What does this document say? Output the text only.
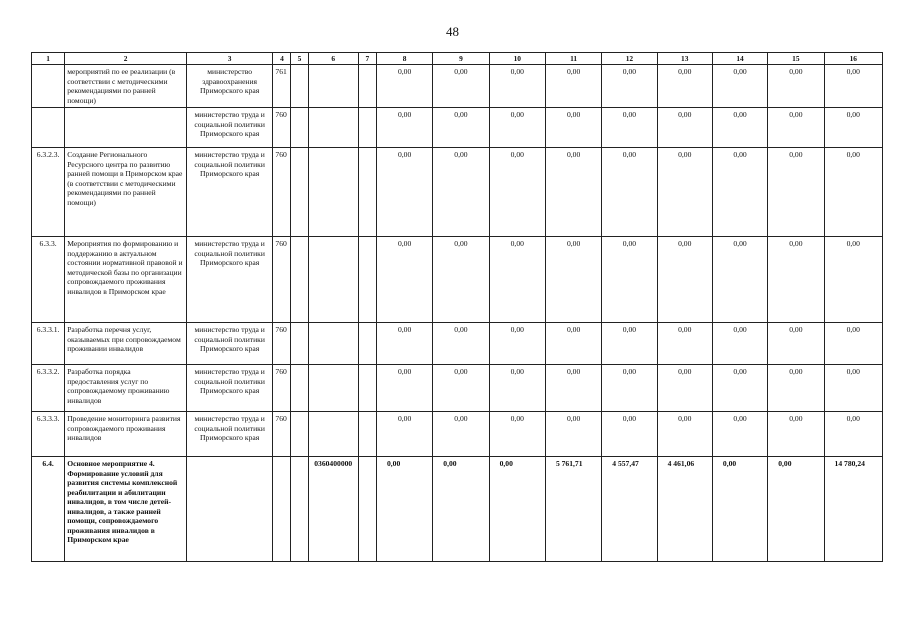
48
1	2	3	4	5	6	7	8	9	10	11	12	13	14	15	16
	мероприятий по ее реализации (в соответствии с методическими рекомендациями по ранней помощи)	министерство здравоохранения Приморского края	761				0,00	0,00	0,00	0,00	0,00	0,00	0,00	0,00	0,00
		министерство труда и социальной политики Приморского края	760				0,00	0,00	0,00	0,00	0,00	0,00	0,00	0,00	0,00
6.3.2.3.	Создание Регионального Ресурсного центра по развитию ранней помощи в Приморском крае (в соответствии с методическими рекомендациями по ранней помощи)	министерство труда и социальной политики Приморского края	760				0,00	0,00	0,00	0,00	0,00	0,00	0,00	0,00	0,00
6.3.3.	Мероприятия по формированию и поддержанию в актуальном состоянии нормативной правовой и методической базы по организации сопровождаемого проживания инвалидов в Приморском крае	министерство труда и социальной политики Приморского края	760				0,00	0,00	0,00	0,00	0,00	0,00	0,00	0,00	0,00
6.3.3.1.	Разработка перечня услуг, оказываемых при сопровождаемом проживании инвалидов	министерство труда и социальной политики Приморского края	760				0,00	0,00	0,00	0,00	0,00	0,00	0,00	0,00	0,00
6.3.3.2.	Разработка порядка предоставления услуг по сопровождаемому проживанию инвалидов	министерство труда и социальной политики Приморского края	760				0,00	0,00	0,00	0,00	0,00	0,00	0,00	0,00	0,00
6.3.3.3.	Проведение мониторинга развития сопровождаемого проживания инвалидов	министерство труда и социальной политики Приморского края	760				0,00	0,00	0,00	0,00	0,00	0,00	0,00	0,00	0,00
6.4.	Основное мероприятие 4. Формирование условий для развития системы комплексной реабилитации и абилитации инвалидов, в том числе детей-инвалидов, а также ранней помощи, сопровождаемого проживания инвалидов в Приморском крае				0360400000		0,00	0,00	0,00	5 761,71	4 557,47	4 461,06	0,00	0,00	14 780,24
